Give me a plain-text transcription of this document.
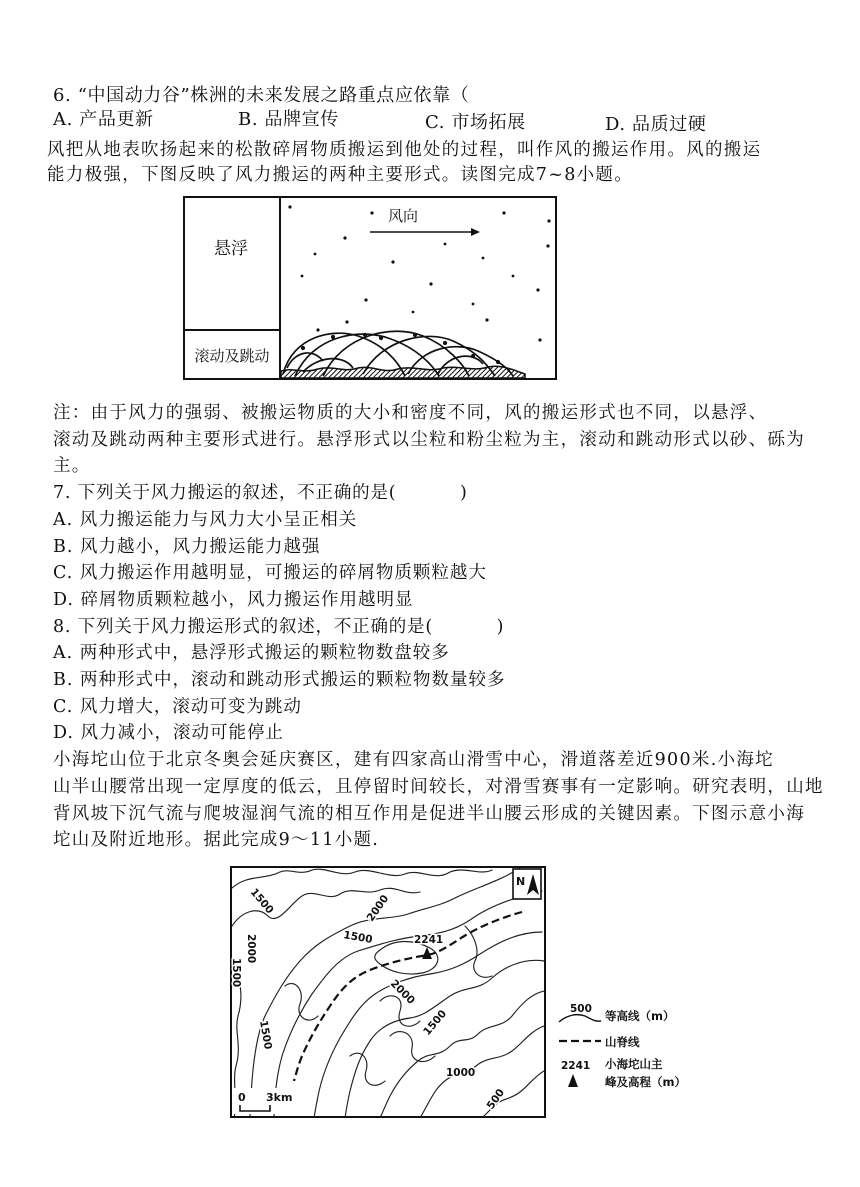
6. “中国动力谷”株洲的未来发展之路重点应依靠（
A. 产品更新	B. 品牌宣传	C. 市场拓展	D. 品质过硬
风把从地表吹扬起来的松散碎屑物质搬运到他处的过程，叫作风的搬运作用。风的搬运
能力极强，下图反映了风力搬运的两种主要形式。读图完成7~8小题。
悬浮
滚动及跳动
风向
注：由于风力的强弱、被搬运物质的大小和密度不同，风的搬运形式也不同，以悬浮、
滚动及跳动两种主要形式进行。悬浮形式以尘粒和粉尘粒为主，滚动和跳动形式以砂、砾为
主。
7. 下列关于风力搬运的叙述，不正确的是(          )
A. 风力搬运能力与风力大小呈正相关
B. 风力越小，风力搬运能力越强
C. 风力搬运作用越明显，可搬运的碎屑物质颗粒越大
D. 碎屑物质颗粒越小，风力搬运作用越明显
8. 下列关于风力搬运形式的叙述，不正确的是(          )
A. 两种形式中，悬浮形式搬运的颗粒物数盘较多
B. 两种形式中，滚动和跳动形式搬运的颗粒物数量较多
C. 风力增大，滚动可变为跳动
D. 风力减小，滚动可能停止
小海坨山位于北京冬奥会延庆赛区，建有四家高山滑雪中心，滑道落差近900米.小海坨
山半山腰常出现一定厚度的低云，且停留时间较长，对滑雪赛事有一定影响。研究表明，山地
背风坡下沉气流与爬坡湿润气流的相互作用是促进半山腰云形成的关键因素。下图示意小海
坨山及附近地形。据此完成9～11小题.
2241
1500	2000
1500
2000
1500
2000
1500
1500
1000
500
N
0 3km
500 等高线（m）
山脊线
2241 小海坨山主
峰及高程（m）
